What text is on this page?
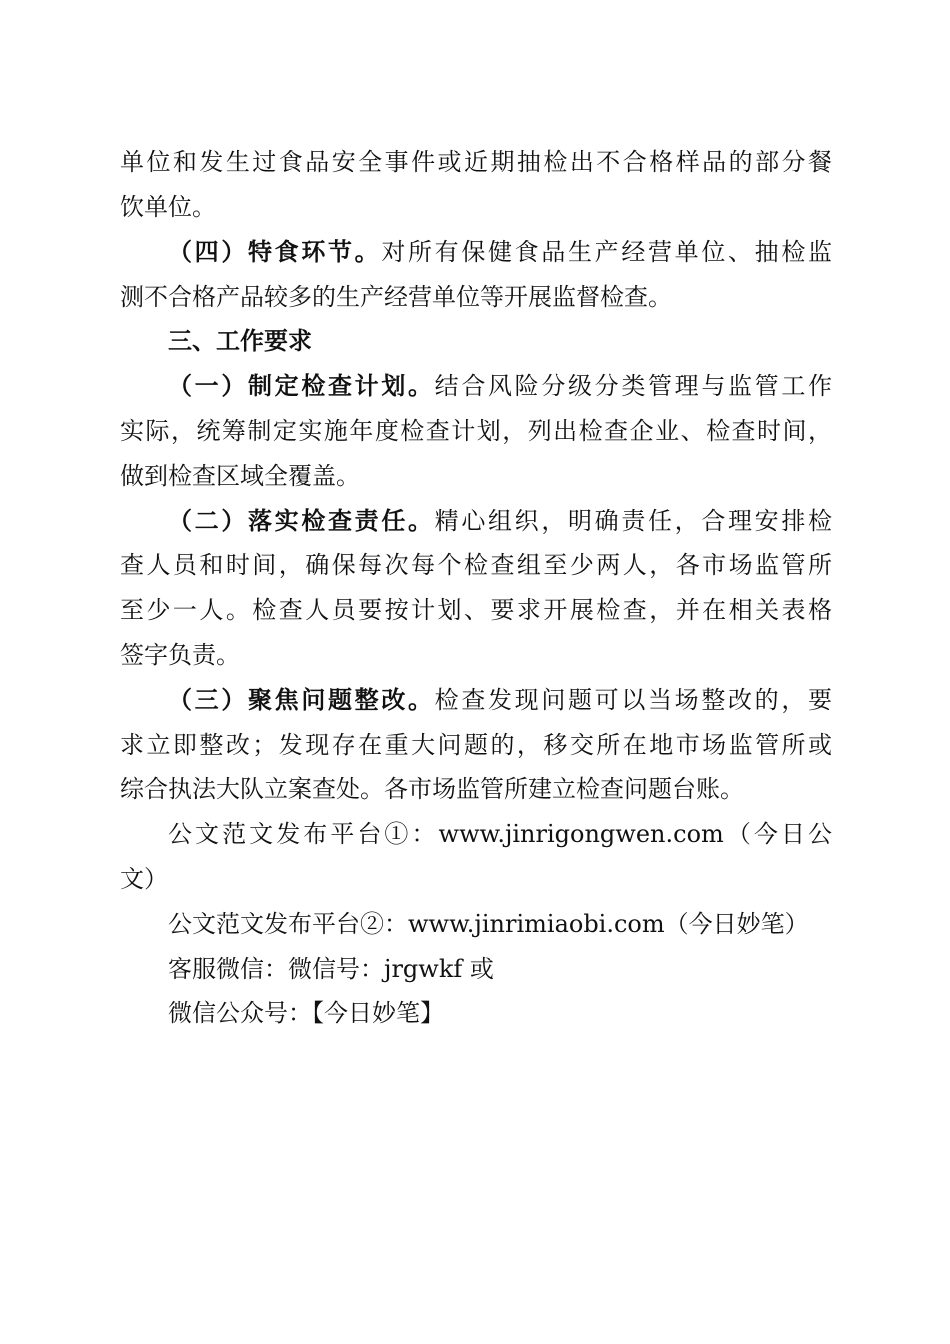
单位和发生过食品安全事件或近期抽检出不合格样品的部分餐
饮单位。
（四）特食环节。对所有保健食品生产经营单位、抽检监
测不合格产品较多的生产经营单位等开展监督检查。
三、工作要求
（一）制定检查计划。结合风险分级分类管理与监管工作
实际，统筹制定实施年度检查计划，列出检查企业、检查时间，
做到检查区域全覆盖。
（二）落实检查责任。精心组织，明确责任，合理安排检
查人员和时间，确保每次每个检查组至少两人，各市场监管所
至少一人。检查人员要按计划、要求开展检查，并在相关表格
签字负责。
（三）聚焦问题整改。检查发现问题可以当场整改的，要
求立即整改；发现存在重大问题的，移交所在地市场监管所或
综合执法大队立案查处。各市场监管所建立检查问题台账。
公文范文发布平台①：www.jinrigongwen.com（今日公
文）
公文范文发布平台②：www.jinrimiaobi.com（今日妙笔）
客服微信：微信号：jrgwkf 或
微信公众号：【今日妙笔】
